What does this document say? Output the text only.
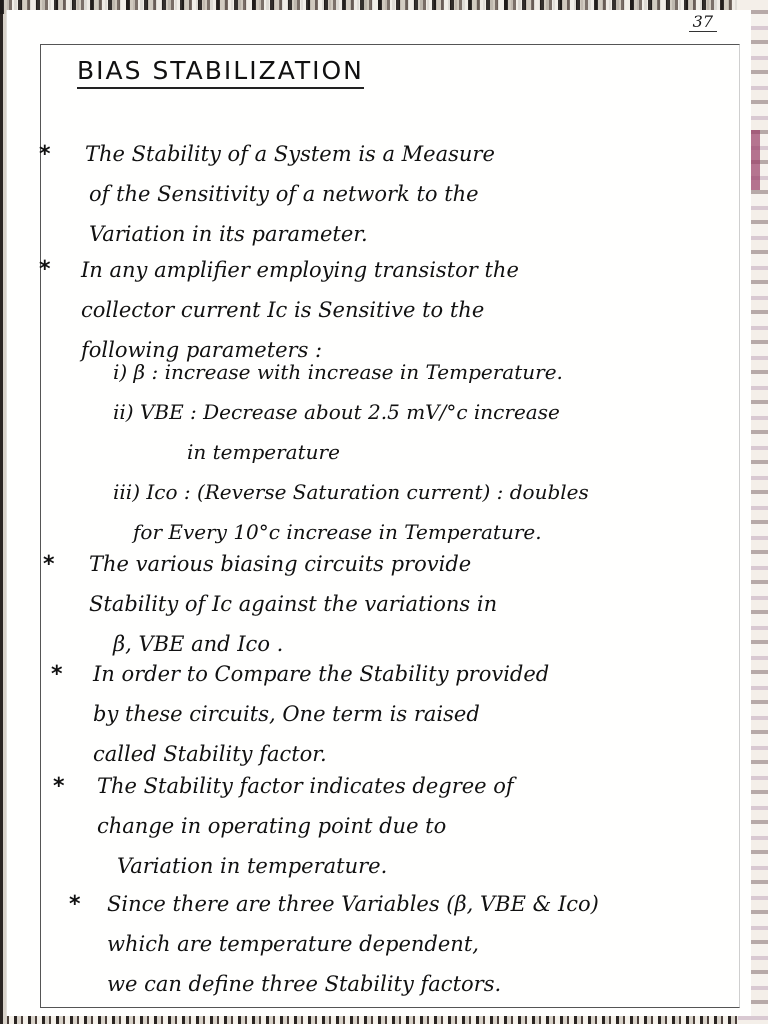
37
BIAS STABILIZATION
* The Stability of a System is a Measure
of the Sensitivity of a network to the
Variation in its parameter.
* In any amplifier employing transistor the
collector current Ic is Sensitive to the
following parameters :
i) β : increase with increase in Temperature.
ii) VBE : Decrease about 2.5 mV/°c increase
in temperature
iii) Ico : (Reverse Saturation current) : doubles
for Every 10°c increase in Temperature.
* The various biasing circuits provide
Stability of Ic against the variations in
β, VBE and Ico .
* In order to Compare the Stability provided
by these circuits, One term is raised
called Stability factor.
* The Stability factor indicates degree of
change in operating point due to
Variation in temperature.
* Since there are three Variables (β, VBE & Ico)
which are temperature dependent,
we can define three Stability factors.
